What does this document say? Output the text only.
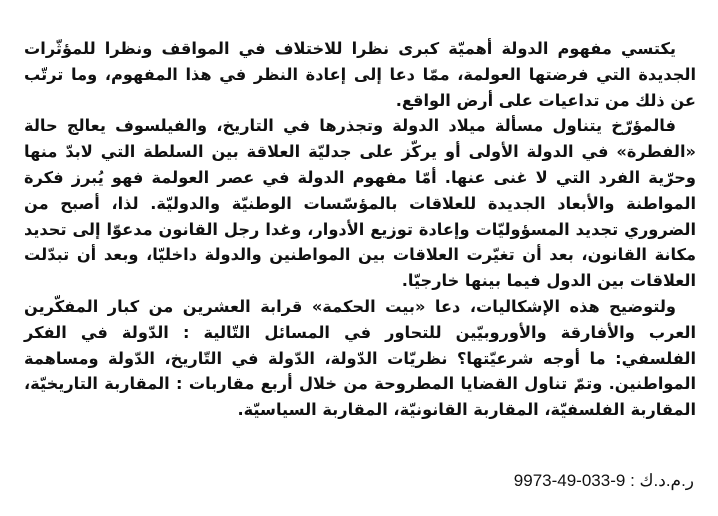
يكتسي مفهوم الدولة أهميّة كبرى نظرا للاختلاف في المواقف ونظرا للمؤثّرات الجديدة التي فرضتها العولمة، ممّا دعا إلى إعادة النظر في هذا المفهوم، وما ترتّب عن ذلك من تداعيات على أرض الواقع.

فالمؤرّخ يتناول مسألة ميلاد الدولة وتجذرها في التاريخ، والفيلسوف يعالج حالة «الفطرة» في الدولة الأولى أو يركّز على جدليّة العلاقة بين السلطة التي لابدّ منها وحرّية الفرد التي لا غنى عنها. أمّا مفهوم الدولة في عصر العولمة فهو يُبرز فكرة المواطنة والأبعاد الجديدة للعلاقات بالمؤسّسات الوطنيّة والدوليّة. لذا، أصبح من الضروري تجديد المسؤوليّات وإعادة توزيع الأدوار، وغدا رجل القانون مدعوّا إلى تحديد مكانة القانون، بعد أن تغيّرت العلاقات بين المواطنين والدولة داخليّا، وبعد أن تبدّلت العلاقات بين الدول فيما بينها خارجيّا.

ولتوضيح هذه الإشكاليات، دعا «بيت الحكمة» قرابة العشرين من كبار المفكّرين العرب والأفارقة والأوروبيّين للتحاور في المسائل التّالية : الدّولة في الفكر الفلسفي: ما أوجه شرعيّتها؟ نظريّات الدّولة، الدّولة في التّاريخ، الدّولة ومساهمة المواطنين. وتمّ تناول القضايا المطروحة من خلال أربع مقاربات : المقاربة التاريخيّة، المقاربة الفلسفيّة، المقاربة القانونيّة، المقاربة السياسيّة.

ر.م.د.ك : 9973-49-033-9
